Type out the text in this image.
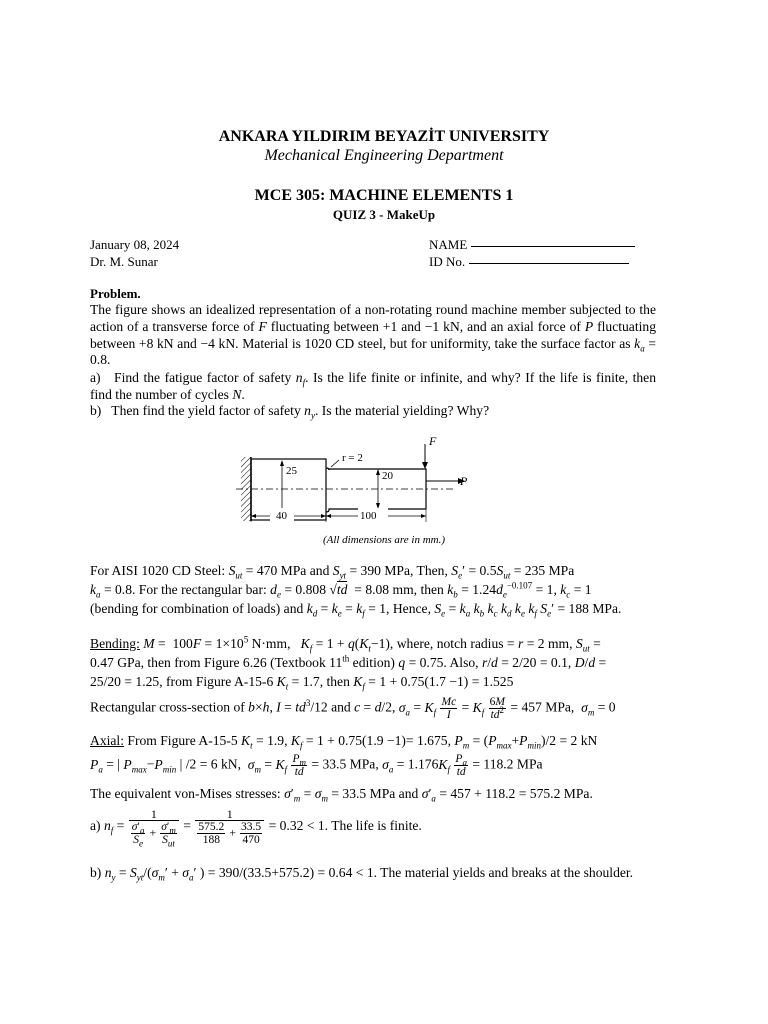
ANKARA YILDIRIM BEYAZİT UNIVERSITY
Mechanical Engineering Department
MCE 305: MACHINE ELEMENTS 1
QUIZ 3 - MakeUp
January 08, 2024
Dr. M. Sunar
NAME
ID No.
Problem.
The figure shows an idealized representation of a non-rotating round machine member subjected to the action of a transverse force of F fluctuating between +1 and −1 kN, and an axial force of P fluctuating between +8 kN and −4 kN. Material is 1020 CD steel, but for uniformity, take the surface factor as $k_a = 0.8$.
a)   Find the fatigue factor of safety $n_f$. Is the life finite or infinite, and why? If the life is finite, then find the number of cycles N.
b)   Then find the yield factor of safety $n_y$. Is the material yielding? Why?
F
P
r = 2
25	20
40	100
(All dimensions are in mm.)
For AISI 1020 CD Steel: $S_{ut} = 470$ MPa and $S_{yt} = 390$ MPa, Then, $S_e' = 0.5S_{ut} = 235$ MPa
$k_a = 0.8$. For the rectangular bar: $d_e = 0.808$ √td  = 8.08 mm, then $k_b = 1.24d_e^{-0.107} = 1$, $k_c = 1$
(bending for combination of loads) and $k_d = k_e = k_f = 1$, Hence, $S_e = k_a$ $k_b$ $k_c$ $k_d$ $k_e$ $k_f$ $S_e' = 188$ MPa.
Bending: $M = 100F = 1\times 10^5$ N·mm,   $K_f = 1 + q(K_t-1)$, where, notch radius = r = 2 mm, $S_{ut}$ =
0.47 GPa, then from Figure 6.26 (Textbook 11th edition) q = 0.75. Also, r/d = 2/20 = 0.1, D/d =
25/20 = 1.25, from Figure A-15-6 $K_t = 1.7$, then $K_f = 1 + 0.75(1.7 -1) = 1.525$
Rectangular cross-section of b×h, $I = td^3/12$ and c = d/2, $\sigma_a = K_f \frac{Mc}{I} = K_f \frac{6M}{td^2} = 457$ MPa,  $\sigma_m = 0$
Axial: From Figure A-15-5 $K_t = 1.9$, $K_f = 1 + 0.75(1.9 -1)= 1.675$, $P_m = (P_{max}+P_{min})/2 = 2$ kN
$P_a$ = | $P_{max}-P_{min}$ | /2 = 6 kN,  $\sigma_m = K_f \frac{P_m}{td} = 33.5$ MPa, $\sigma_a = 1.176K_f \frac{P_a}{td} = 118.2$ MPa
The equivalent von-Mises stresses: $\sigma'_m = \sigma_m = 33.5$ MPa and $\sigma'_a = 457 + 118.2 = 575.2$ MPa.
a) $n_f = \frac{1}{\frac{\sigma'_a}{S_e} + \frac{\sigma'_m}{S_{ut}}} = \frac{1}{\frac{575.2}{188} + \frac{33.5}{470}} = 0.32 < 1$. The life is finite.
b) $n_y = S_{yt}/(\sigma_m' + \sigma_a'$ ) = 390/(33.5+575.2) = 0.64 < 1. The material yields and breaks at the shoulder.
